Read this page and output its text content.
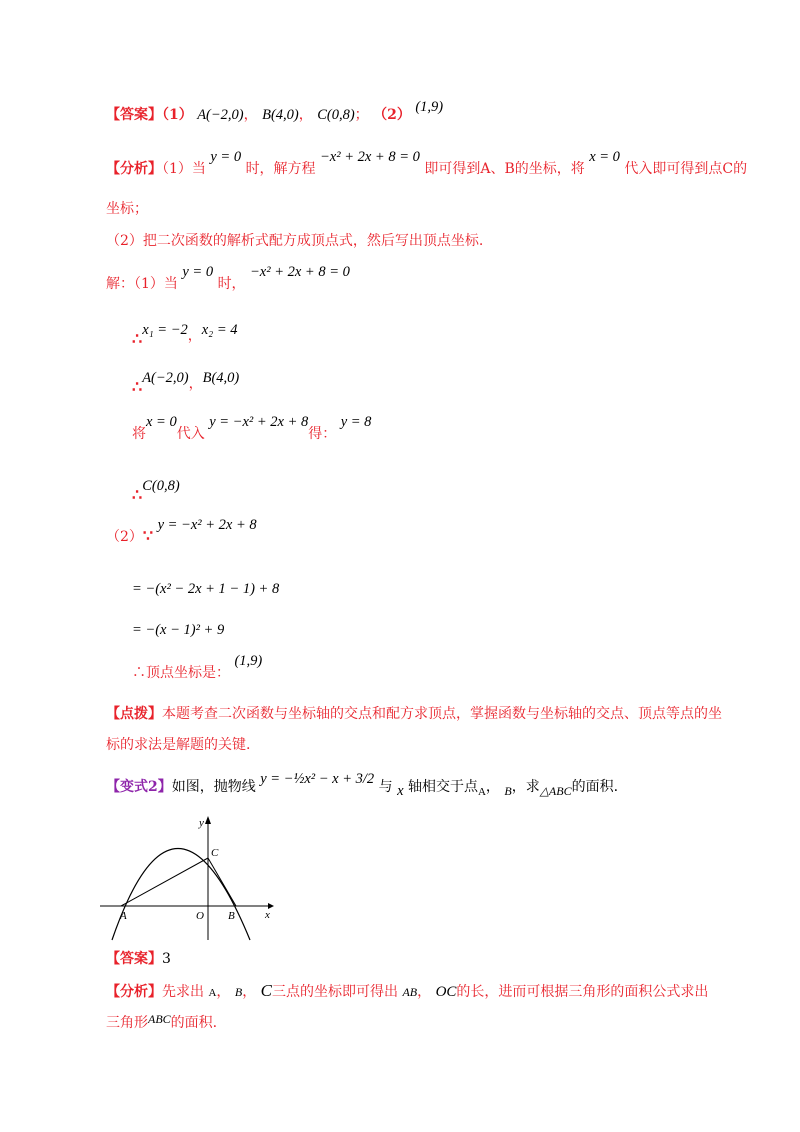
【答案】（1） A(−2,0)， B(4,0)， C(0,8)； （2） (1,9)
【分析】（1）当 y = 0 时，解方程 −x² + 2x + 8 = 0 即可得到A、B的坐标，将 x = 0 代入即可得到点C的
坐标；
（2）把二次函数的解析式配方成顶点式，然后写出顶点坐标.
解：（1）当 y = 0 时， −x² + 2x + 8 = 0
∴x₁ = −2，x₂ = 4
∴A(−2,0)，B(4,0)
将x = 0代入 y = −x² + 2x + 8得： y = 8
∴C(0,8)
（2）∵ y = −x² + 2x + 8
= −(x² − 2x + 1 − 1) + 8
= −(x − 1)² + 9
∴顶点坐标是： (1,9)
【点拨】本题考查二次函数与坐标轴的交点和配方求顶点，掌握函数与坐标轴的交点、顶点等点的坐
标的求法是解题的关键.
【变式2】如图，抛物线 y = −½x² − x + 3/2 与 x 轴相交于点$_A$， B，求△ABC的面积.
y
x
C
A	O B
【答案】3
【分析】先求出 A， B， C三点的坐标即可得出 AB， OC的长，进而可根据三角形的面积公式求出
三角形ABC的面积.
